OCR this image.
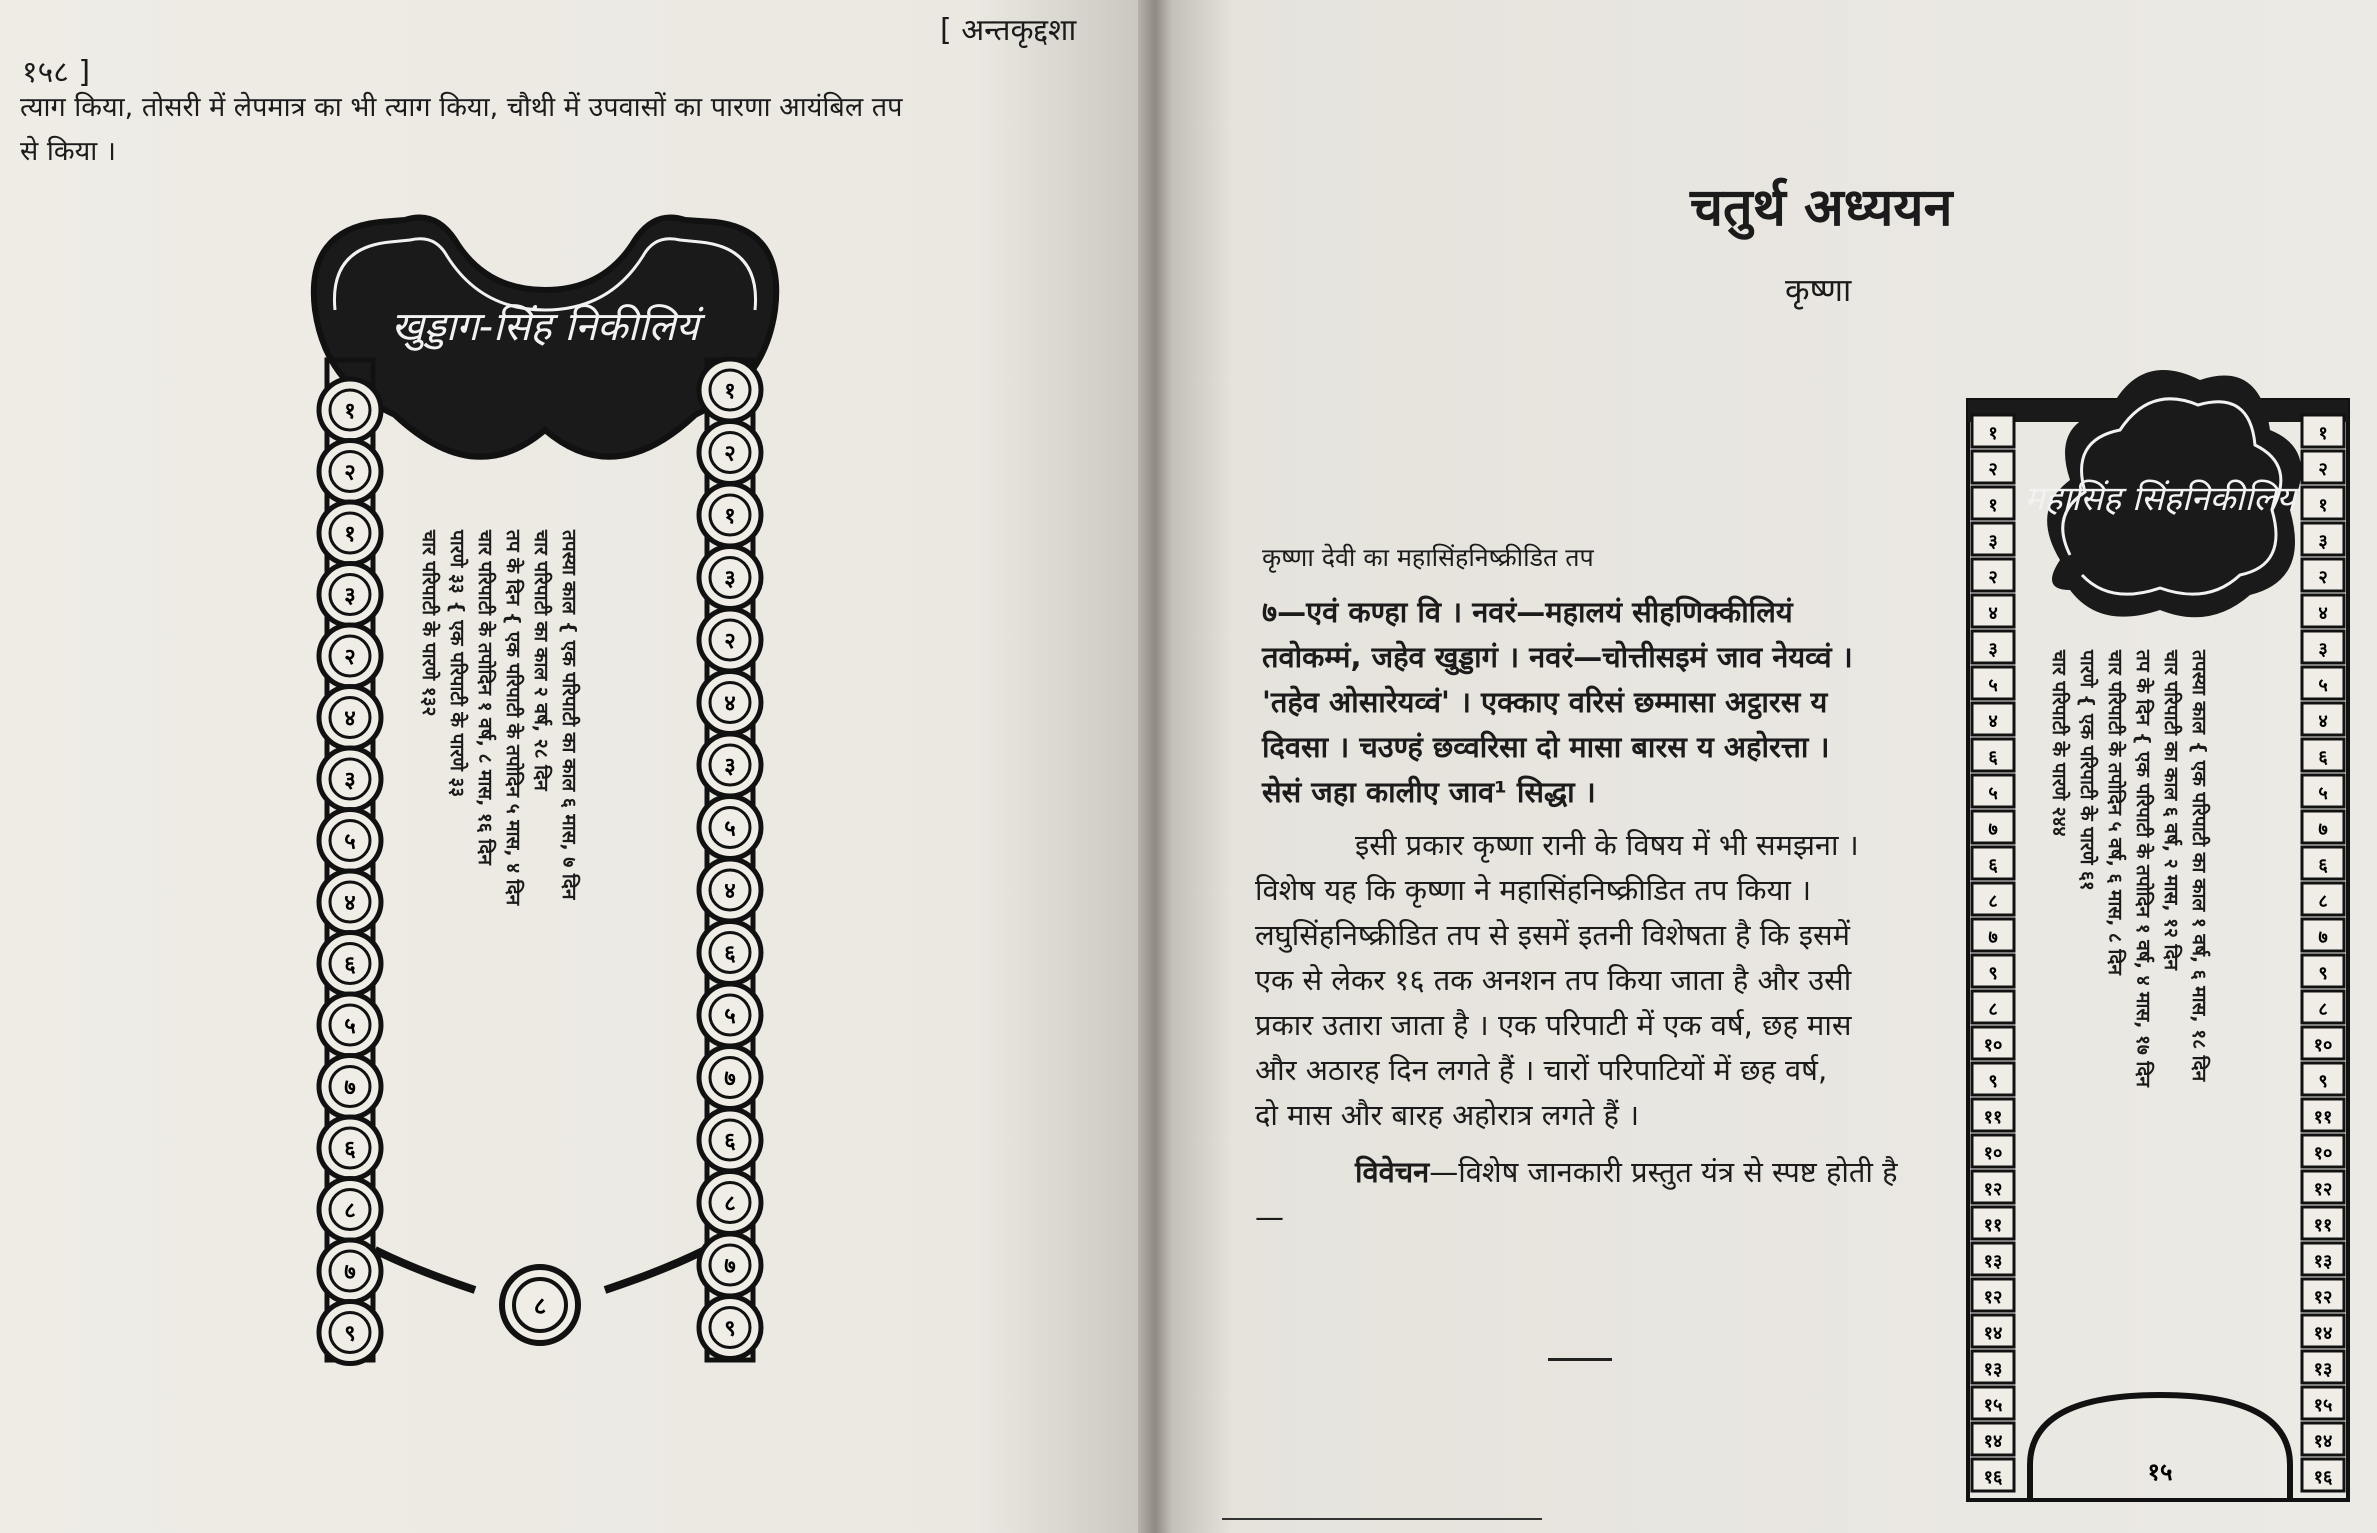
[ अन्तकृद्दशा
१५८ ]
त्याग किया, तोसरी में लेपमात्र का भी त्याग किया, चौथी में उपवासों का पारणा आयंबिल तप
से किया ।
खुड्डाग-सिंह निकीलियं
१
२
१
३
२
४
३
५
४
६
५
७
६
८
७
९
१
२
१
३
२
४
३
५
४
६
५
७
६
८
७
९
८
तपस्या काल { एक परिपाटी का काल ६ मास, ७ दिन
चार परिपाटी का काल २ वर्ष, २८ दिन
तप के दिन { एक परिपाटी के तपोदिन ५ मास, ४ दिन
चार परिपाटी के तपोदिन १ वर्ष, ८ मास, १६ दिन
पारणे ३३ { एक परिपाटी के पारणे ३३
चार परिपाटी के पारणे १३२
चतुर्थ अध्ययन
कृष्णा
कृष्णा देवी का महासिंहनिष्क्रीडित तप

७—एवं कण्हा वि । नवरं—महालयं सीहणिक्कीलियं

तवोकम्मं, जहेव खुड्डागं । नवरं—चोत्तीसइमं जाव नेयव्वं ।

'तहेव ओसारेयव्वं' । एक्काए वरिसं छम्मासा अट्ठारस य

दिवसा । चउण्हं छव्वरिसा दो मासा बारस य अहोरत्ता ।

सेसं जहा कालीए जाव¹ सिद्धा ।

इसी प्रकार कृष्णा रानी के विषय में भी समझना ।

विशेष यह कि कृष्णा ने महासिंहनिष्क्रीडित तप किया ।

लघुसिंहनिष्क्रीडित तप से इसमें इतनी विशेषता है कि इसमें

एक से लेकर १६ तक अनशन तप किया जाता है और उसी

प्रकार उतारा जाता है । एक परिपाटी में एक वर्ष, छह मास

और अठारह दिन लगते हैं । चारों परिपाटियों में छह वर्ष,

दो मास और बारह अहोरात्र लगते हैं ।

विवेचन—विशेष जानकारी प्रस्तुत यंत्र से स्पष्ट होती है—

महासिंह सिंहनिकीलिय
१
२
१
३
२
४
३
५
४
६
५
७
६
८
७
९
८
१०
९
११
१०
१२
११
१३
१२
१४
१३
१५
१४
१६
१
२
१
३
२
४
३
५
४
६
५
७
६
८
७
९
८
१०
९
११
१०
१२
११
१३
१२
१४
१३
१५
१४
१६
१५
तपस्या काल { एक परिपाटी का काल १ वर्ष, ६ मास, १८ दिन
चार परिपाटी का काल ६ वर्ष, २ मास, १२ दिन
तप के दिन { एक परिपाटी के तपोदिन १ वर्ष, ४ मास, १७ दिन
चार परिपाटी के तपोदिन ५ वर्ष, ६ मास, ८ दिन
पारणे { एक परिपाटी के पारणे ६१
चार परिपाटी के पारणे २४४
